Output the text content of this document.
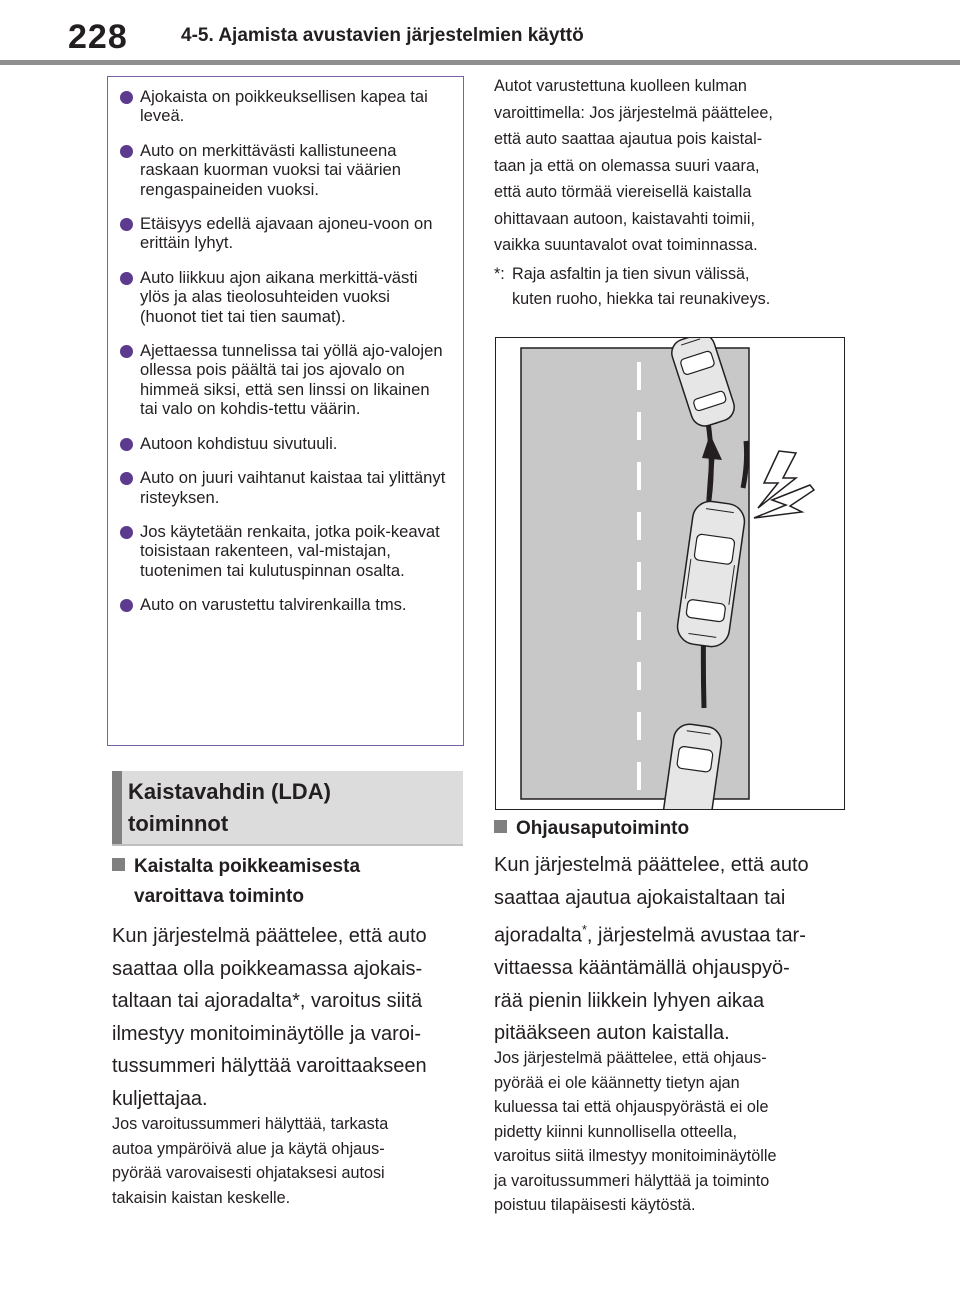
228	4-5. Ajamista avustavien järjestelmien käyttö
Ajokaista on poikkeuksellisen kapea tai leveä.
Auto on merkittävästi kallistuneena raskaan kuorman vuoksi tai väärien rengaspaineiden vuoksi.
Etäisyys edellä ajavaan ajoneu-voon on erittäin lyhyt.
Auto liikkuu ajon aikana merkittä-västi ylös ja alas tieolosuhteiden vuoksi (huonot tiet tai tien saumat).
Ajettaessa tunnelissa tai yöllä ajo-valojen ollessa pois päältä tai jos ajovalo on himmeä siksi, että sen linssi on likainen tai valo on kohdis-tettu väärin.
Autoon kohdistuu sivutuuli.
Auto on juuri vaihtanut kaistaa tai ylittänyt risteyksen.
Jos käytetään renkaita, jotka poik-keavat toisistaan rakenteen, val-mistajan, tuotenimen tai kulutuspinnan osalta.
Auto on varustettu talvirenkailla tms.
Kaistavahdin (LDA)
toiminnot
Kaistalta poikkeamisesta
varoittava toiminto
Kun järjestelmä päättelee, että auto
saattaa olla poikkeamassa ajokais-
taltaan tai ajoradalta*, varoitus siitä
ilmestyy monitoiminäytölle ja varoi-
tussummeri hälyttää varoittaakseen
kuljettajaa.
Jos varoitussummeri hälyttää, tarkasta
autoa ympäröivä alue ja käytä ohjaus-
pyörää varovaisesti ohjataksesi autosi
takaisin kaistan keskelle.
Autot varustettuna kuolleen kulman
varoittimella: Jos järjestelmä päättelee,
että auto saattaa ajautua pois kaistal-
taan ja että on olemassa suuri vaara,
että auto törmää viereisellä kaistalla
ohittavaan autoon, kaistavahti toimii,
vaikka suuntavalot ovat toiminnassa.
*: Raja asfaltin ja tien sivun välissä,
kuten ruoho, hiekka tai reunakiveys.
Ohjausaputoiminto
Kun järjestelmä päättelee, että auto
saattaa ajautua ajokaistaltaan tai
ajoradalta*, järjestelmä avustaa tar-
vittaessa kääntämällä ohjauspyö-
rää pienin liikkein lyhyen aikaa
pitääkseen auton kaistalla.
Jos järjestelmä päättelee, että ohjaus-
pyörää ei ole käännetty tietyn ajan
kuluessa tai että ohjauspyörästä ei ole
pidetty kiinni kunnollisella otteella,
varoitus siitä ilmestyy monitoiminäytölle
ja varoitussummeri hälyttää ja toiminto
poistuu tilapäisesti käytöstä.
